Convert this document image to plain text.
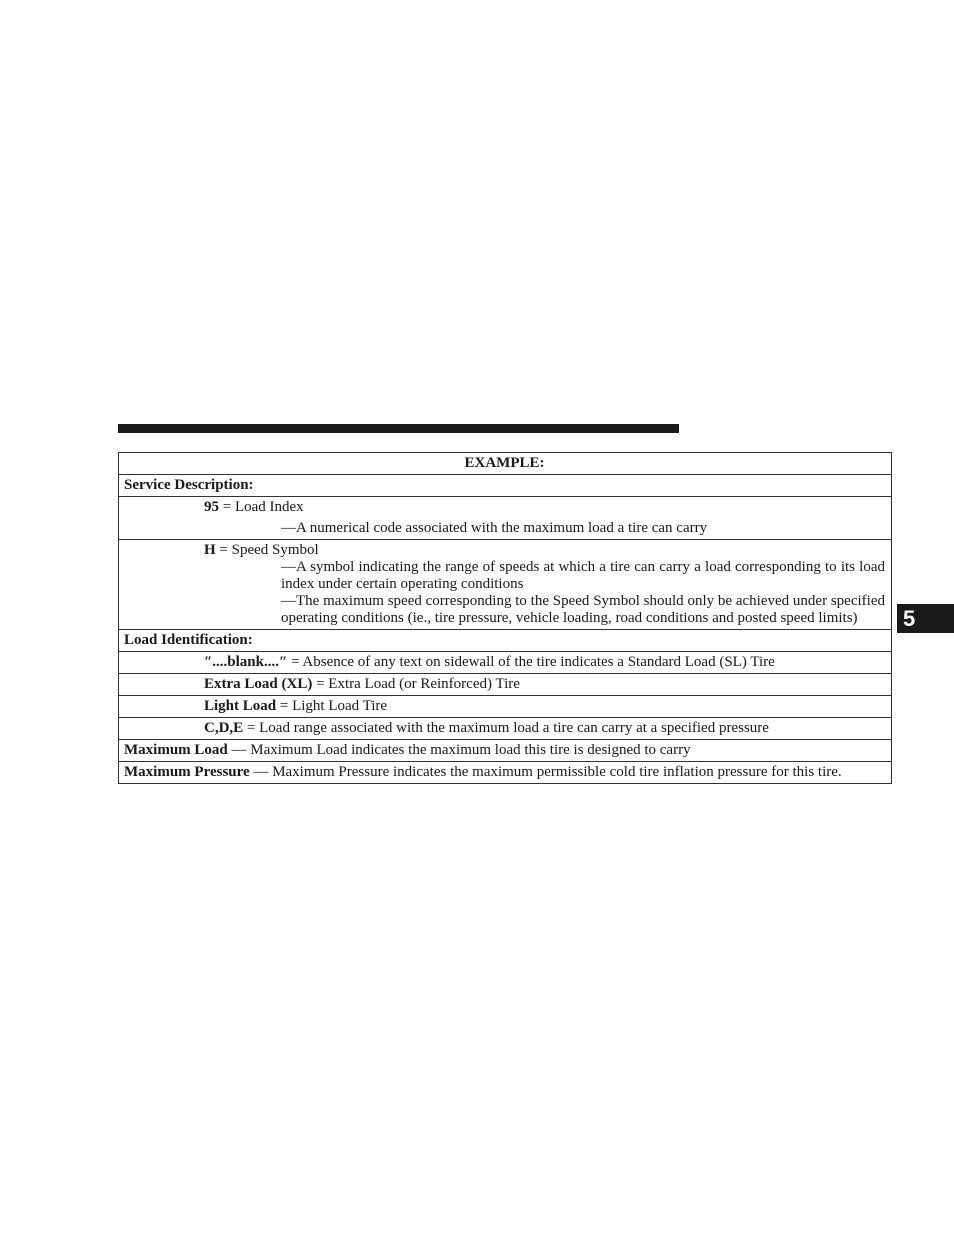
5
EXAMPLE:
Service Description:

95 = Load Index
—A numerical code associated with the maximum load a tire can carry

H = Speed Symbol
—A symbol indicating the range of speeds at which a tire can carry a load corresponding to its load index under certain operating conditions
—The maximum speed corresponding to the Speed Symbol should only be achieved under specified operating conditions (ie., tire pressure, vehicle loading, road conditions and posted speed limits)

Load Identification:
″....blank....″ = Absence of any text on sidewall of the tire indicates a Standard Load (SL) Tire
Extra Load (XL) = Extra Load (or Reinforced) Tire
Light Load = Light Load Tire
C,D,E = Load range associated with the maximum load a tire can carry at a specified pressure
Maximum Load — Maximum Load indicates the maximum load this tire is designed to carry
Maximum Pressure — Maximum Pressure indicates the maximum permissible cold tire inflation pressure for this tire.
